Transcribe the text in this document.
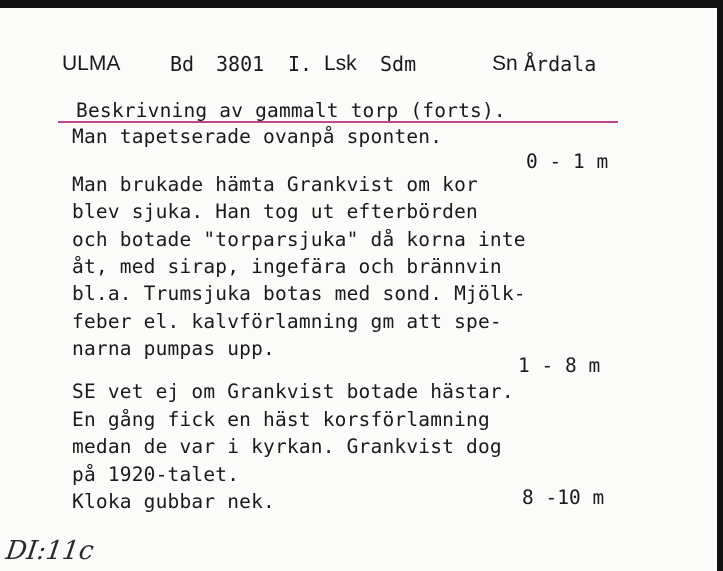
ULMA Bd 3801 I. Lsk Sdm	Sn Årdala
Beskrivning av gammalt torp (forts).
Man tapetserade ovanpå sponten.
0 - 1 m
Man brukade hämta Grankvist om kor
blev sjuka. Han tog ut efterbörden
och botade "torparsjuka" då korna inte
åt, med sirap, ingefära och brännvin
bl.a. Trumsjuka botas med sond. Mjölk-
feber el. kalvförlamning gm att spe-
narna pumpas upp.
1 - 8 m
SE vet ej om Grankvist botade hästar.
En gång fick en häst korsförlamning
medan de var i kyrkan. Grankvist dog
på 1920-talet.
Kloka gubbar nek.	8 -10 m
DI:11c
